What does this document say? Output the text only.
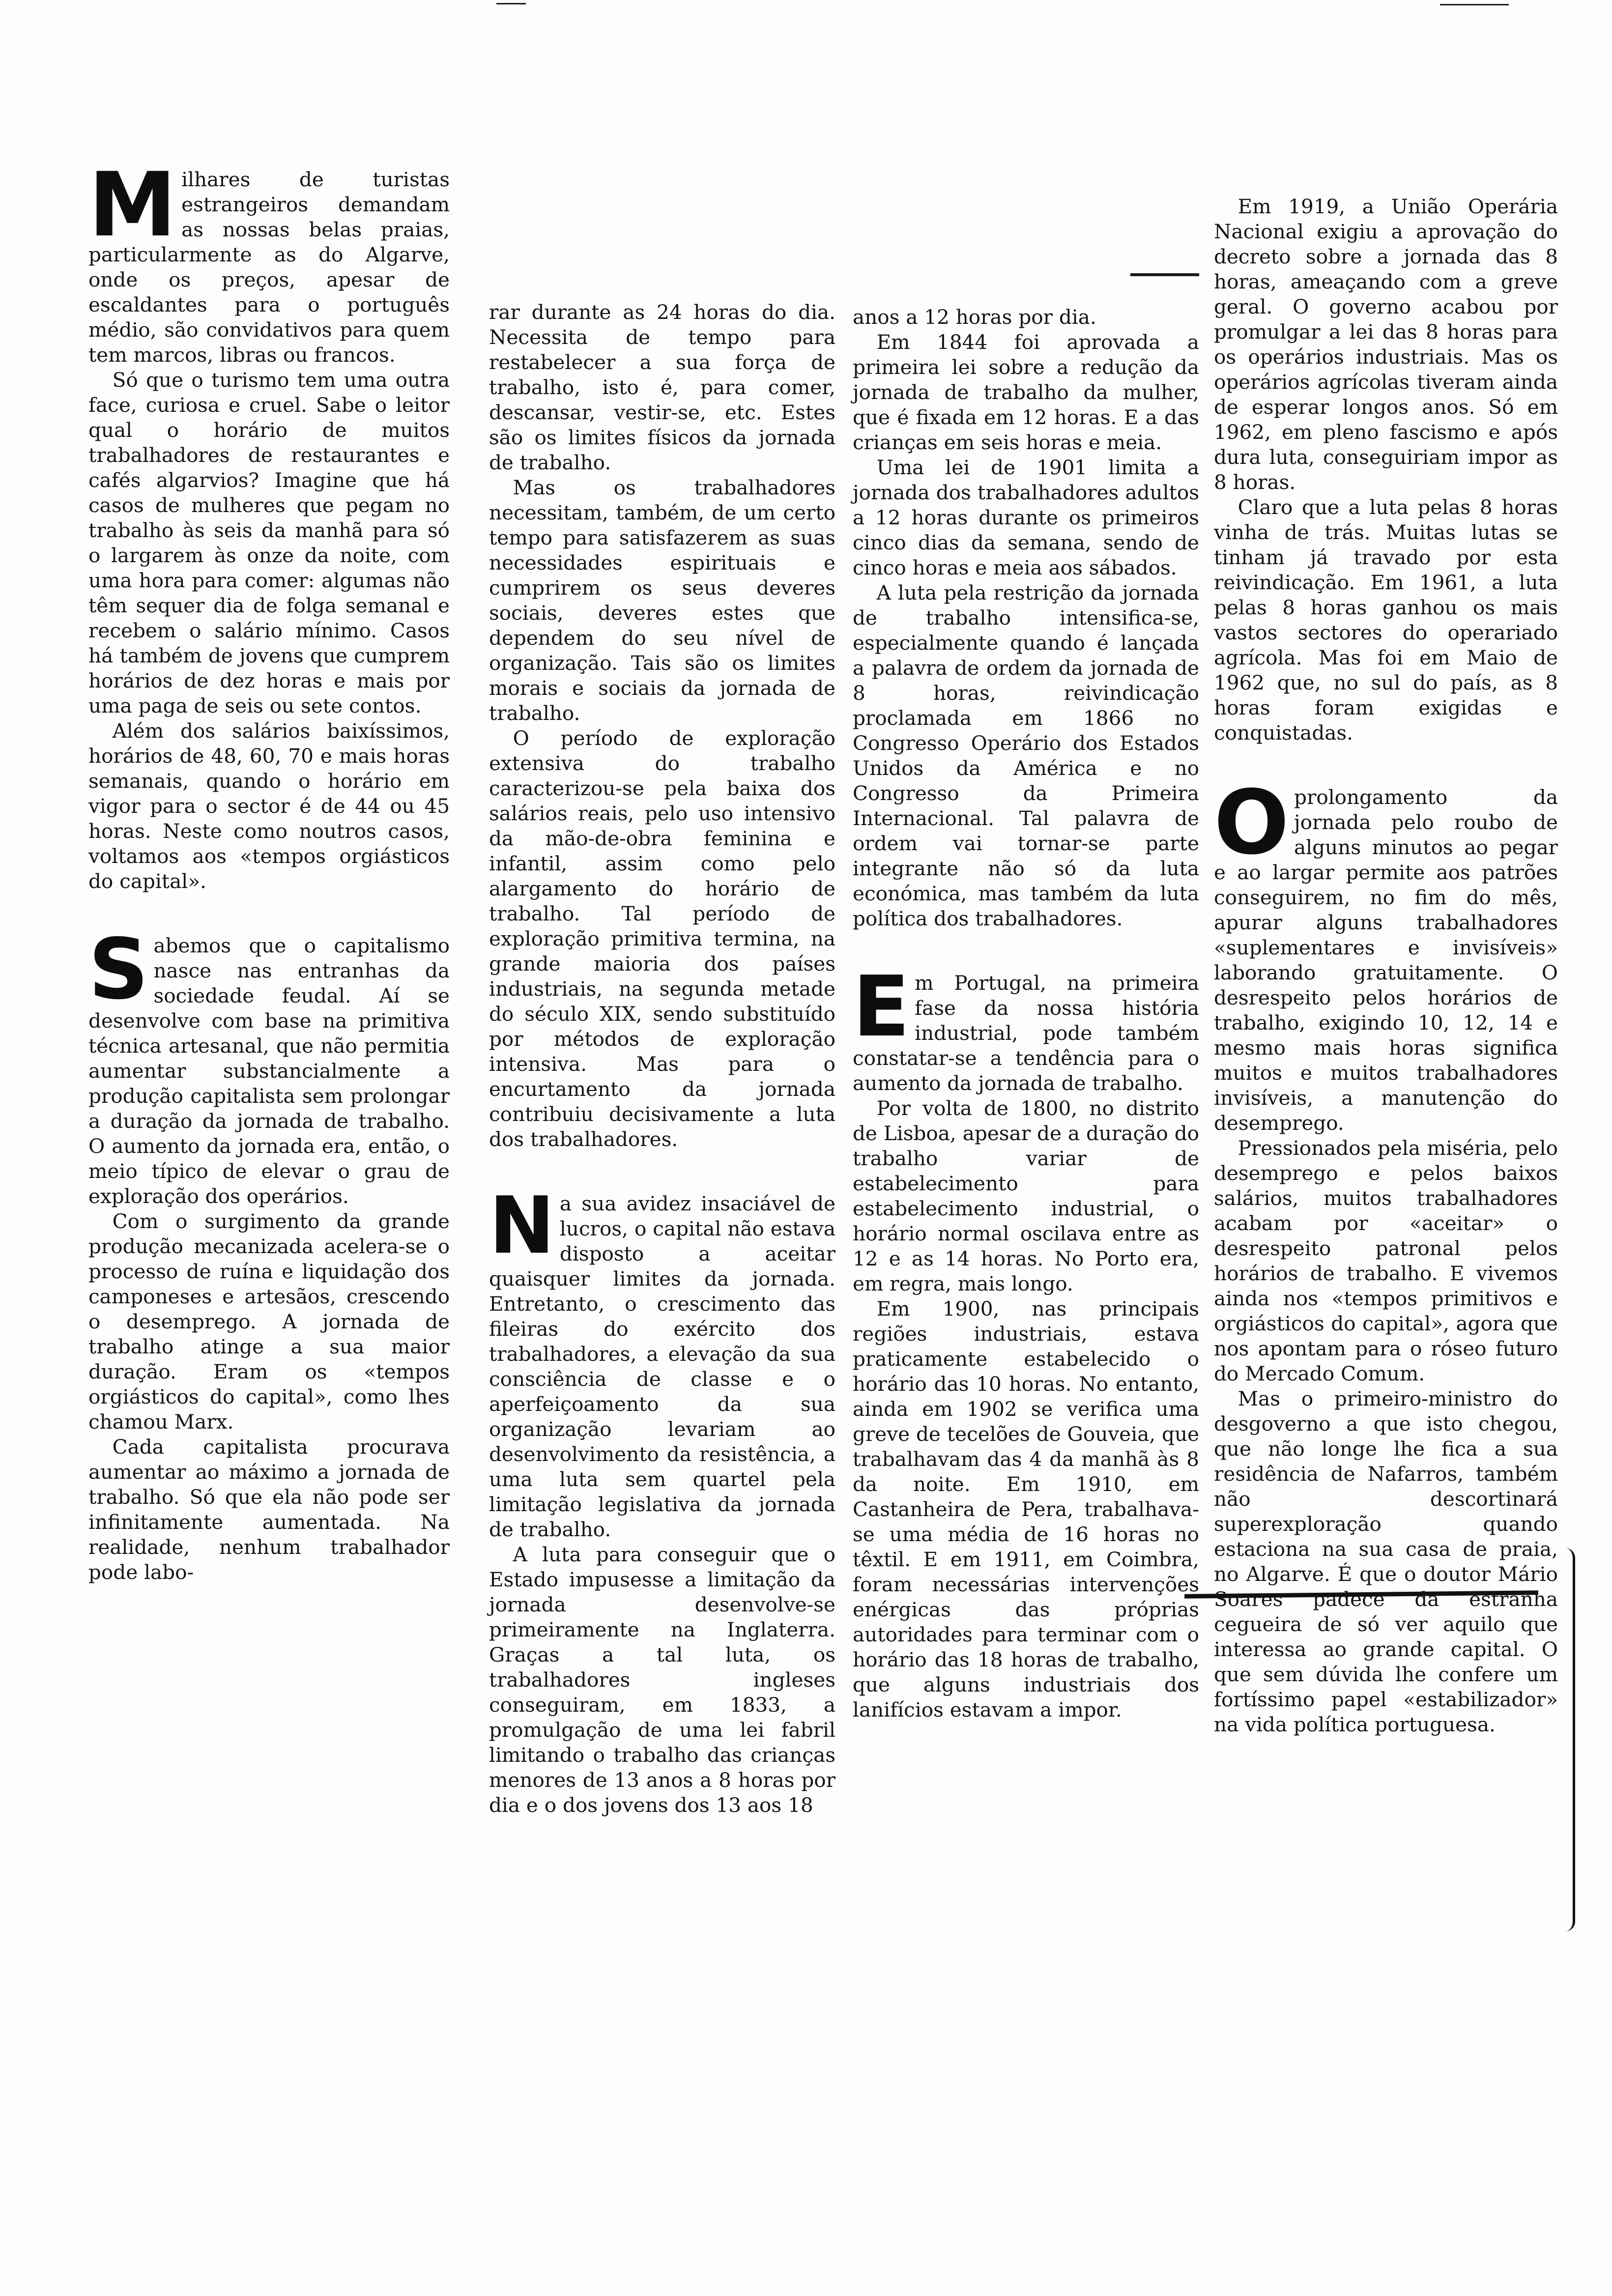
Milhares de turistas estrangeiros demandam as nossas belas praias, particularmente as do Algarve, onde os preços, apesar de escaldantes para o português médio, são convidativos para quem tem marcos, libras ou francos.

Só que o turismo tem uma outra face, curiosa e cruel. Sabe o leitor qual o horário de muitos trabalhadores de restaurantes e cafés algarvios? Imagine que há casos de mulheres que pegam no trabalho às seis da manhã para só o largarem às onze da noite, com uma hora para comer: algumas não têm sequer dia de folga semanal e recebem o salário mínimo. Casos há também de jovens que cumprem horários de dez horas e mais por uma paga de seis ou sete contos.

Além dos salários baixíssimos, horários de 48, 60, 70 e mais horas semanais, quando o horário em vigor para o sector é de 44 ou 45 horas. Neste como noutros casos, voltamos aos «tempos orgiásticos do capital».

Sabemos que o capitalismo nasce nas entranhas da sociedade feudal. Aí se desenvolve com base na primitiva técnica artesanal, que não permitia aumentar substancialmente a produção capitalista sem prolongar a duração da jornada de trabalho. O aumento da jornada era, então, o meio típico de elevar o grau de exploração dos operários.

Com o surgimento da grande produção mecanizada acelera-se o processo de ruína e liquidação dos camponeses e artesãos, crescendo o desemprego. A jornada de trabalho atinge a sua maior duração. Eram os «tempos orgiásticos do capital», como lhes chamou Marx.

Cada capitalista procurava aumentar ao máximo a jornada de trabalho. Só que ela não pode ser infinitamente aumentada. Na realidade, nenhum trabalhador pode labo-

rar durante as 24 horas do dia. Necessita de tempo para restabelecer a sua força de trabalho, isto é, para comer, descansar, vestir-se, etc. Estes são os limites físicos da jornada de trabalho.

Mas os trabalhadores necessitam, também, de um certo tempo para satisfazerem as suas necessidades espirituais e cumprirem os seus deveres sociais, deveres estes que dependem do seu nível de organização. Tais são os limites morais e sociais da jornada de trabalho.

O período de exploração extensiva do trabalho caracterizou-se pela baixa dos salários reais, pelo uso intensivo da mão-de-obra feminina e infantil, assim como pelo alargamento do horário de trabalho. Tal período de exploração primitiva termina, na grande maioria dos países industriais, na segunda metade do século XIX, sendo substituído por métodos de exploração intensiva. Mas para o encurtamento da jornada contribuiu decisivamente a luta dos trabalhadores.

Na sua avidez insaciável de lucros, o capital não estava disposto a aceitar quaisquer limites da jornada. Entretanto, o crescimento das fileiras do exército dos trabalhadores, a elevação da sua consciência de classe e o aperfeiçoamento da sua organização levariam ao desenvolvimento da resistência, a uma luta sem quartel pela limitação legislativa da jornada de trabalho.

A luta para conseguir que o Estado impusesse a limitação da jornada desenvolve-se primeiramente na Inglaterra. Graças a tal luta, os trabalhadores ingleses conseguiram, em 1833, a promulgação de uma lei fabril limitando o trabalho das crianças menores de 13 anos a 8 horas por dia e o dos jovens dos 13 aos 18

anos a 12 horas por dia.

Em 1844 foi aprovada a primeira lei sobre a redução da jornada de trabalho da mulher, que é fixada em 12 horas. E a das crianças em seis horas e meia.

Uma lei de 1901 limita a jornada dos trabalhadores adultos a 12 horas durante os primeiros cinco dias da semana, sendo de cinco horas e meia aos sábados.

A luta pela restrição da jornada de trabalho intensifica-se, especialmente quando é lançada a palavra de ordem da jornada de 8 horas, reivindicação proclamada em 1866 no Congresso Operário dos Estados Unidos da América e no Congresso da Primeira Internacional. Tal palavra de ordem vai tornar-se parte integrante não só da luta económica, mas também da luta política dos trabalhadores.

Em Portugal, na primeira fase da nossa história industrial, pode também constatar-se a tendência para o aumento da jornada de trabalho.

Por volta de 1800, no distrito de Lisboa, apesar de a duração do trabalho variar de estabelecimento para estabelecimento industrial, o horário normal oscilava entre as 12 e as 14 horas. No Porto era, em regra, mais longo.

Em 1900, nas principais regiões industriais, estava praticamente estabelecido o horário das 10 horas. No entanto, ainda em 1902 se verifica uma greve de tecelões de Gouveia, que trabalhavam das 4 da manhã às 8 da noite. Em 1910, em Castanheira de Pera, trabalhava-se uma média de 16 horas no têxtil. E em 1911, em Coimbra, foram necessárias intervenções enérgicas das próprias autoridades para terminar com o horário das 18 horas de trabalho, que alguns industriais dos lanifícios estavam a impor.

Em 1919, a União Operária Nacional exigiu a aprovação do decreto sobre a jornada das 8 horas, ameaçando com a greve geral. O governo acabou por promulgar a lei das 8 horas para os operários industriais. Mas os operários agrícolas tiveram ainda de esperar longos anos. Só em 1962, em pleno fascismo e após dura luta, conseguiriam impor as 8 horas.

Claro que a luta pelas 8 horas vinha de trás. Muitas lutas se tinham já travado por esta reivindicação. Em 1961, a luta pelas 8 horas ganhou os mais vastos sectores do operariado agrícola. Mas foi em Maio de 1962 que, no sul do país, as 8 horas foram exigidas e conquistadas.

Oprolongamento da jornada pelo roubo de alguns minutos ao pegar e ao largar permite aos patrões conseguirem, no fim do mês, apurar alguns trabalhadores «suplementares e invisíveis» laborando gratuitamente. O desrespeito pelos horários de trabalho, exigindo 10, 12, 14 e mesmo mais horas significa muitos e muitos trabalhadores invisíveis, a manutenção do desemprego.

Pressionados pela miséria, pelo desemprego e pelos baixos salários, muitos trabalhadores acabam por «aceitar» o desrespeito patronal pelos horários de trabalho. E vivemos ainda nos «tempos primitivos e orgiásticos do capital», agora que nos apontam para o róseo futuro do Mercado Comum.

Mas o primeiro-ministro do desgoverno a que isto chegou, que não longe lhe fica a sua residência de Nafarros, também não descortinará superexploração quando estaciona na sua casa de praia, no Algarve. É que o doutor Mário Soares padece da estranha cegueira de só ver aquilo que interessa ao grande capital. O que sem dúvida lhe confere um fortíssimo papel «estabilizador» na vida política portuguesa.
